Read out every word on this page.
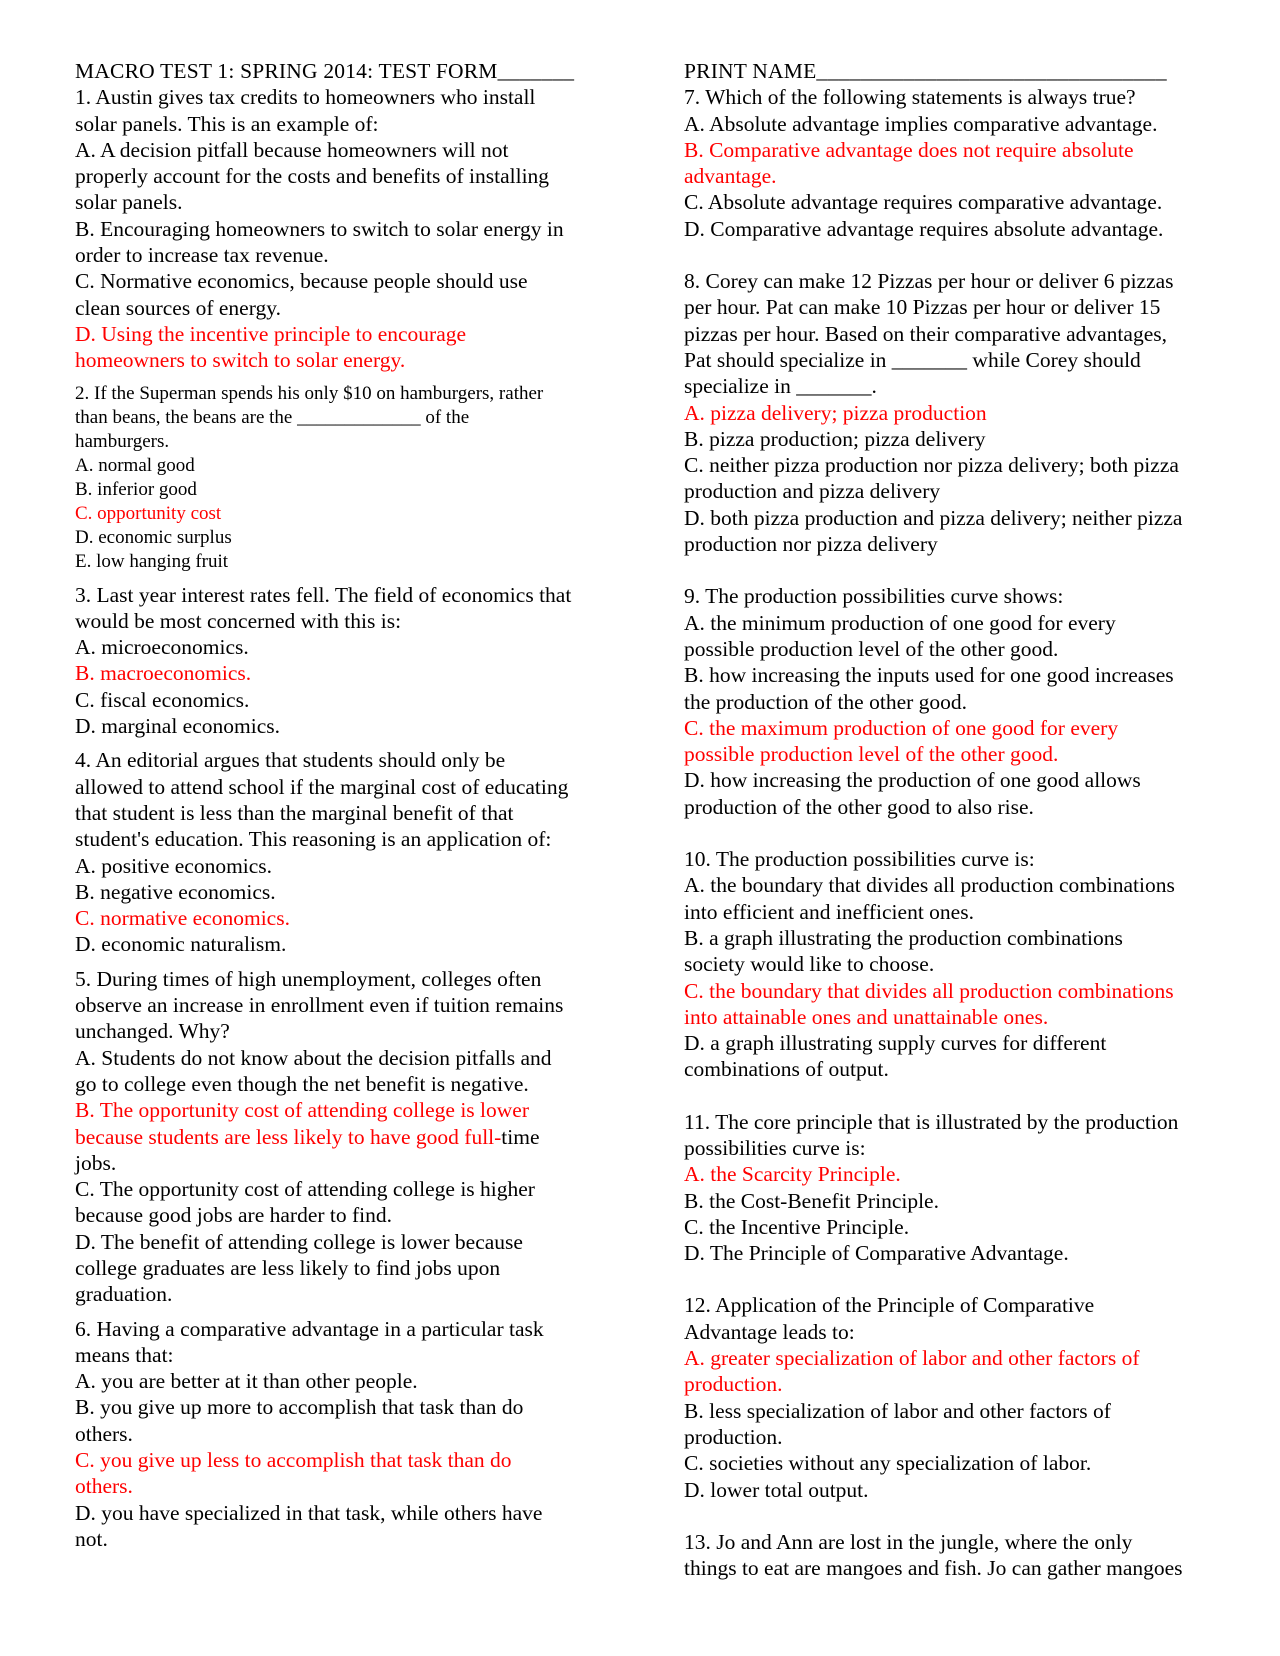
MACRO TEST 1: SPRING 2014: TEST FORM_______
1. Austin gives tax credits to homeowners who install
solar panels. This is an example of:
A. A decision pitfall because homeowners will not
properly account for the costs and benefits of installing
solar panels.
B. Encouraging homeowners to switch to solar energy in
order to increase tax revenue.
C. Normative economics, because people should use
clean sources of energy.
D. Using the incentive principle to encourage
homeowners to switch to solar energy.
2. If the Superman spends his only $10 on hamburgers, rather
than beans, the beans are the _____________ of the
hamburgers.
A. normal good
B. inferior good
C. opportunity cost
D. economic surplus
E. low hanging fruit
3. Last year interest rates fell. The field of economics that
would be most concerned with this is:
A. microeconomics.
B. macroeconomics.
C. fiscal economics.
D. marginal economics.
4. An editorial argues that students should only be
allowed to attend school if the marginal cost of educating
that student is less than the marginal benefit of that
student's education. This reasoning is an application of:
A. positive economics.
B. negative economics.
C. normative economics.
D. economic naturalism.
5. During times of high unemployment, colleges often
observe an increase in enrollment even if tuition remains
unchanged. Why?
A. Students do not know about the decision pitfalls and
go to college even though the net benefit is negative.
B. The opportunity cost of attending college is lower
because students are less likely to have good full-time
jobs.
C. The opportunity cost of attending college is higher
because good jobs are harder to find.
D. The benefit of attending college is lower because
college graduates are less likely to find jobs upon
graduation.
6. Having a comparative advantage in a particular task
means that:
A. you are better at it than other people.
B. you give up more to accomplish that task than do
others.
C. you give up less to accomplish that task than do
others.
D. you have specialized in that task, while others have
not.
PRINT NAME________________________________
7. Which of the following statements is always true?
A. Absolute advantage implies comparative advantage.
B. Comparative advantage does not require absolute
advantage.
C. Absolute advantage requires comparative advantage.
D. Comparative advantage requires absolute advantage.
8. Corey can make 12 Pizzas per hour or deliver 6 pizzas
per hour. Pat can make 10 Pizzas per hour or deliver 15
pizzas per hour. Based on their comparative advantages,
Pat should specialize in _______ while Corey should
specialize in _______.
A. pizza delivery; pizza production
B. pizza production; pizza delivery
C. neither pizza production nor pizza delivery; both pizza
production and pizza delivery
D. both pizza production and pizza delivery; neither pizza
production nor pizza delivery
9. The production possibilities curve shows:
A. the minimum production of one good for every
possible production level of the other good.
B. how increasing the inputs used for one good increases
the production of the other good.
C. the maximum production of one good for every
possible production level of the other good.
D. how increasing the production of one good allows
production of the other good to also rise.
10. The production possibilities curve is:
A. the boundary that divides all production combinations
into efficient and inefficient ones.
B. a graph illustrating the production combinations
society would like to choose.
C. the boundary that divides all production combinations
into attainable ones and unattainable ones.
D. a graph illustrating supply curves for different
combinations of output.
11. The core principle that is illustrated by the production
possibilities curve is:
A. the Scarcity Principle.
B. the Cost-Benefit Principle.
C. the Incentive Principle.
D. The Principle of Comparative Advantage.
12. Application of the Principle of Comparative
Advantage leads to:
A. greater specialization of labor and other factors of
production.
B. less specialization of labor and other factors of
production.
C. societies without any specialization of labor.
D. lower total output.
13. Jo and Ann are lost in the jungle, where the only
things to eat are mangoes and fish. Jo can gather mangoes
